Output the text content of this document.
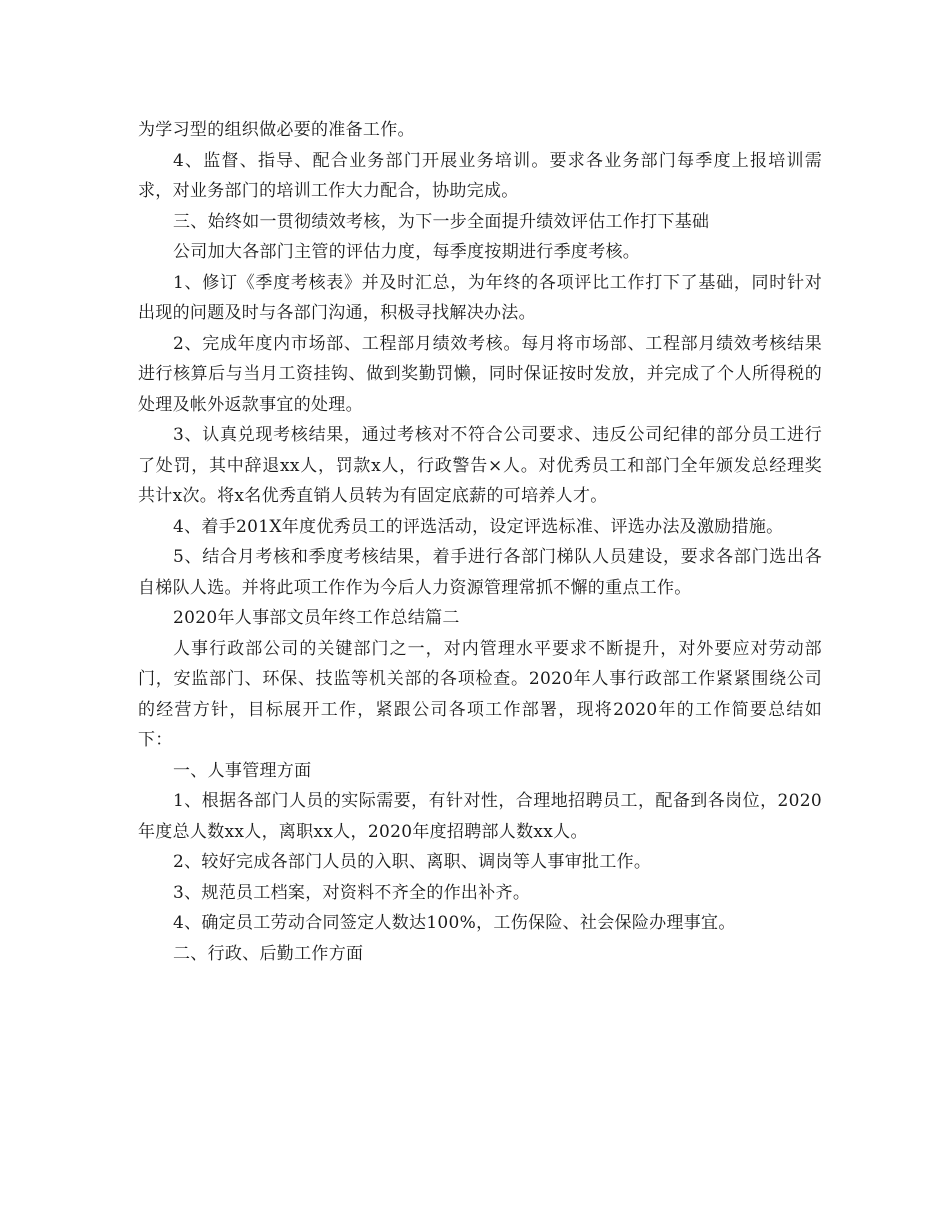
为学习型的组织做必要的准备工作。

4、监督、指导、配合业务部门开展业务培训。要求各业务部门每季度上报培训需求，对业务部门的培训工作大力配合，协助完成。

三、始终如一贯彻绩效考核，为下一步全面提升绩效评估工作打下基础

公司加大各部门主管的评估力度，每季度按期进行季度考核。

1、修订《季度考核表》并及时汇总，为年终的各项评比工作打下了基础，同时针对出现的问题及时与各部门沟通，积极寻找解决办法。

2、完成年度内市场部、工程部月绩效考核。每月将市场部、工程部月绩效考核结果进行核算后与当月工资挂钩、做到奖勤罚懒，同时保证按时发放，并完成了个人所得税的处理及帐外返款事宜的处理。

3、认真兑现考核结果，通过考核对不符合公司要求、违反公司纪律的部分员工进行了处罚，其中辞退xx人，罚款x人，行政警告×人。对优秀员工和部门全年颁发总经理奖共计x次。将x名优秀直销人员转为有固定底薪的可培养人才。

4、着手201X年度优秀员工的评选活动，设定评选标准、评选办法及激励措施。

5、结合月考核和季度考核结果，着手进行各部门梯队人员建设，要求各部门选出各自梯队人选。并将此项工作作为今后人力资源管理常抓不懈的重点工作。

2020年人事部文员年终工作总结篇二

人事行政部公司的关键部门之一，对内管理水平要求不断提升，对外要应对劳动部门，安监部门、环保、技监等机关部的各项检查。2020年人事行政部工作紧紧围绕公司的经营方针，目标展开工作，紧跟公司各项工作部署，现将2020年的工作简要总结如下：

一、人事管理方面

1、根据各部门人员的实际需要，有针对性，合理地招聘员工，配备到各岗位，2020年度总人数xx人，离职xx人，2020年度招聘部人数xx人。

2、较好完成各部门人员的入职、离职、调岗等人事审批工作。

3、规范员工档案，对资料不齐全的作出补齐。

4、确定员工劳动合同签定人数达100%，工伤保险、社会保险办理事宜。

二、行政、后勤工作方面
